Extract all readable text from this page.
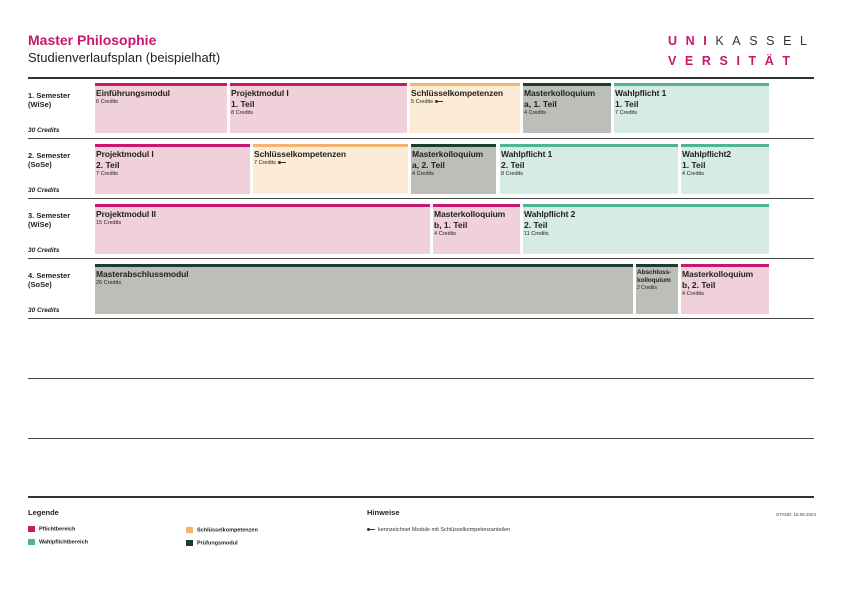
Master Philosophie
Studienverlaufsplan (beispielhaft)
UNIKASSEL
VERSITÄT
1. Semester
(WiSe)
30 Credits
2. Semester
(SoSe)
30 Credits
3. Semester
(WiSe)
30 Credits
4. Semester
(SoSe)
30 Credits
Einführungsmodul
6 Credits
Projektmodul I
1. Teil
8 Credits
Schlüsselkompetenzen
5 Credits
Masterkolloquium
a, 1. Teil
4 Credits
Wahlpflicht 1
1. Teil
7 Credits
Projektmodul I
2. Teil
7 Credits
Schlüsselkompetenzen
7 Credits
Masterkolloquium
a, 2. Teil
4 Credits
Wahlpflicht 1
2. Teil
8 Credits
Wahlpflicht2
1. Teil
4 Credits
Projektmodul II
15 Credits
Masterkolloquium
b, 1. Teil
4 Credits
Wahlpflicht 2
2. Teil
11 Credits
Masterabschlussmodul
26 Credits
Abschluss-
kolloquium
2 Credits
Masterkolloquium
b, 2. Teil
4 Credits
Legende
Pflichtbereich
Wahlpflichtbereich
Schlüsselkompetenzen
Prüfungsmodul
Hinweise
kennzeichnet Module mit Schlüsselkompetenzanteilen
STAND: 18.08.2024
